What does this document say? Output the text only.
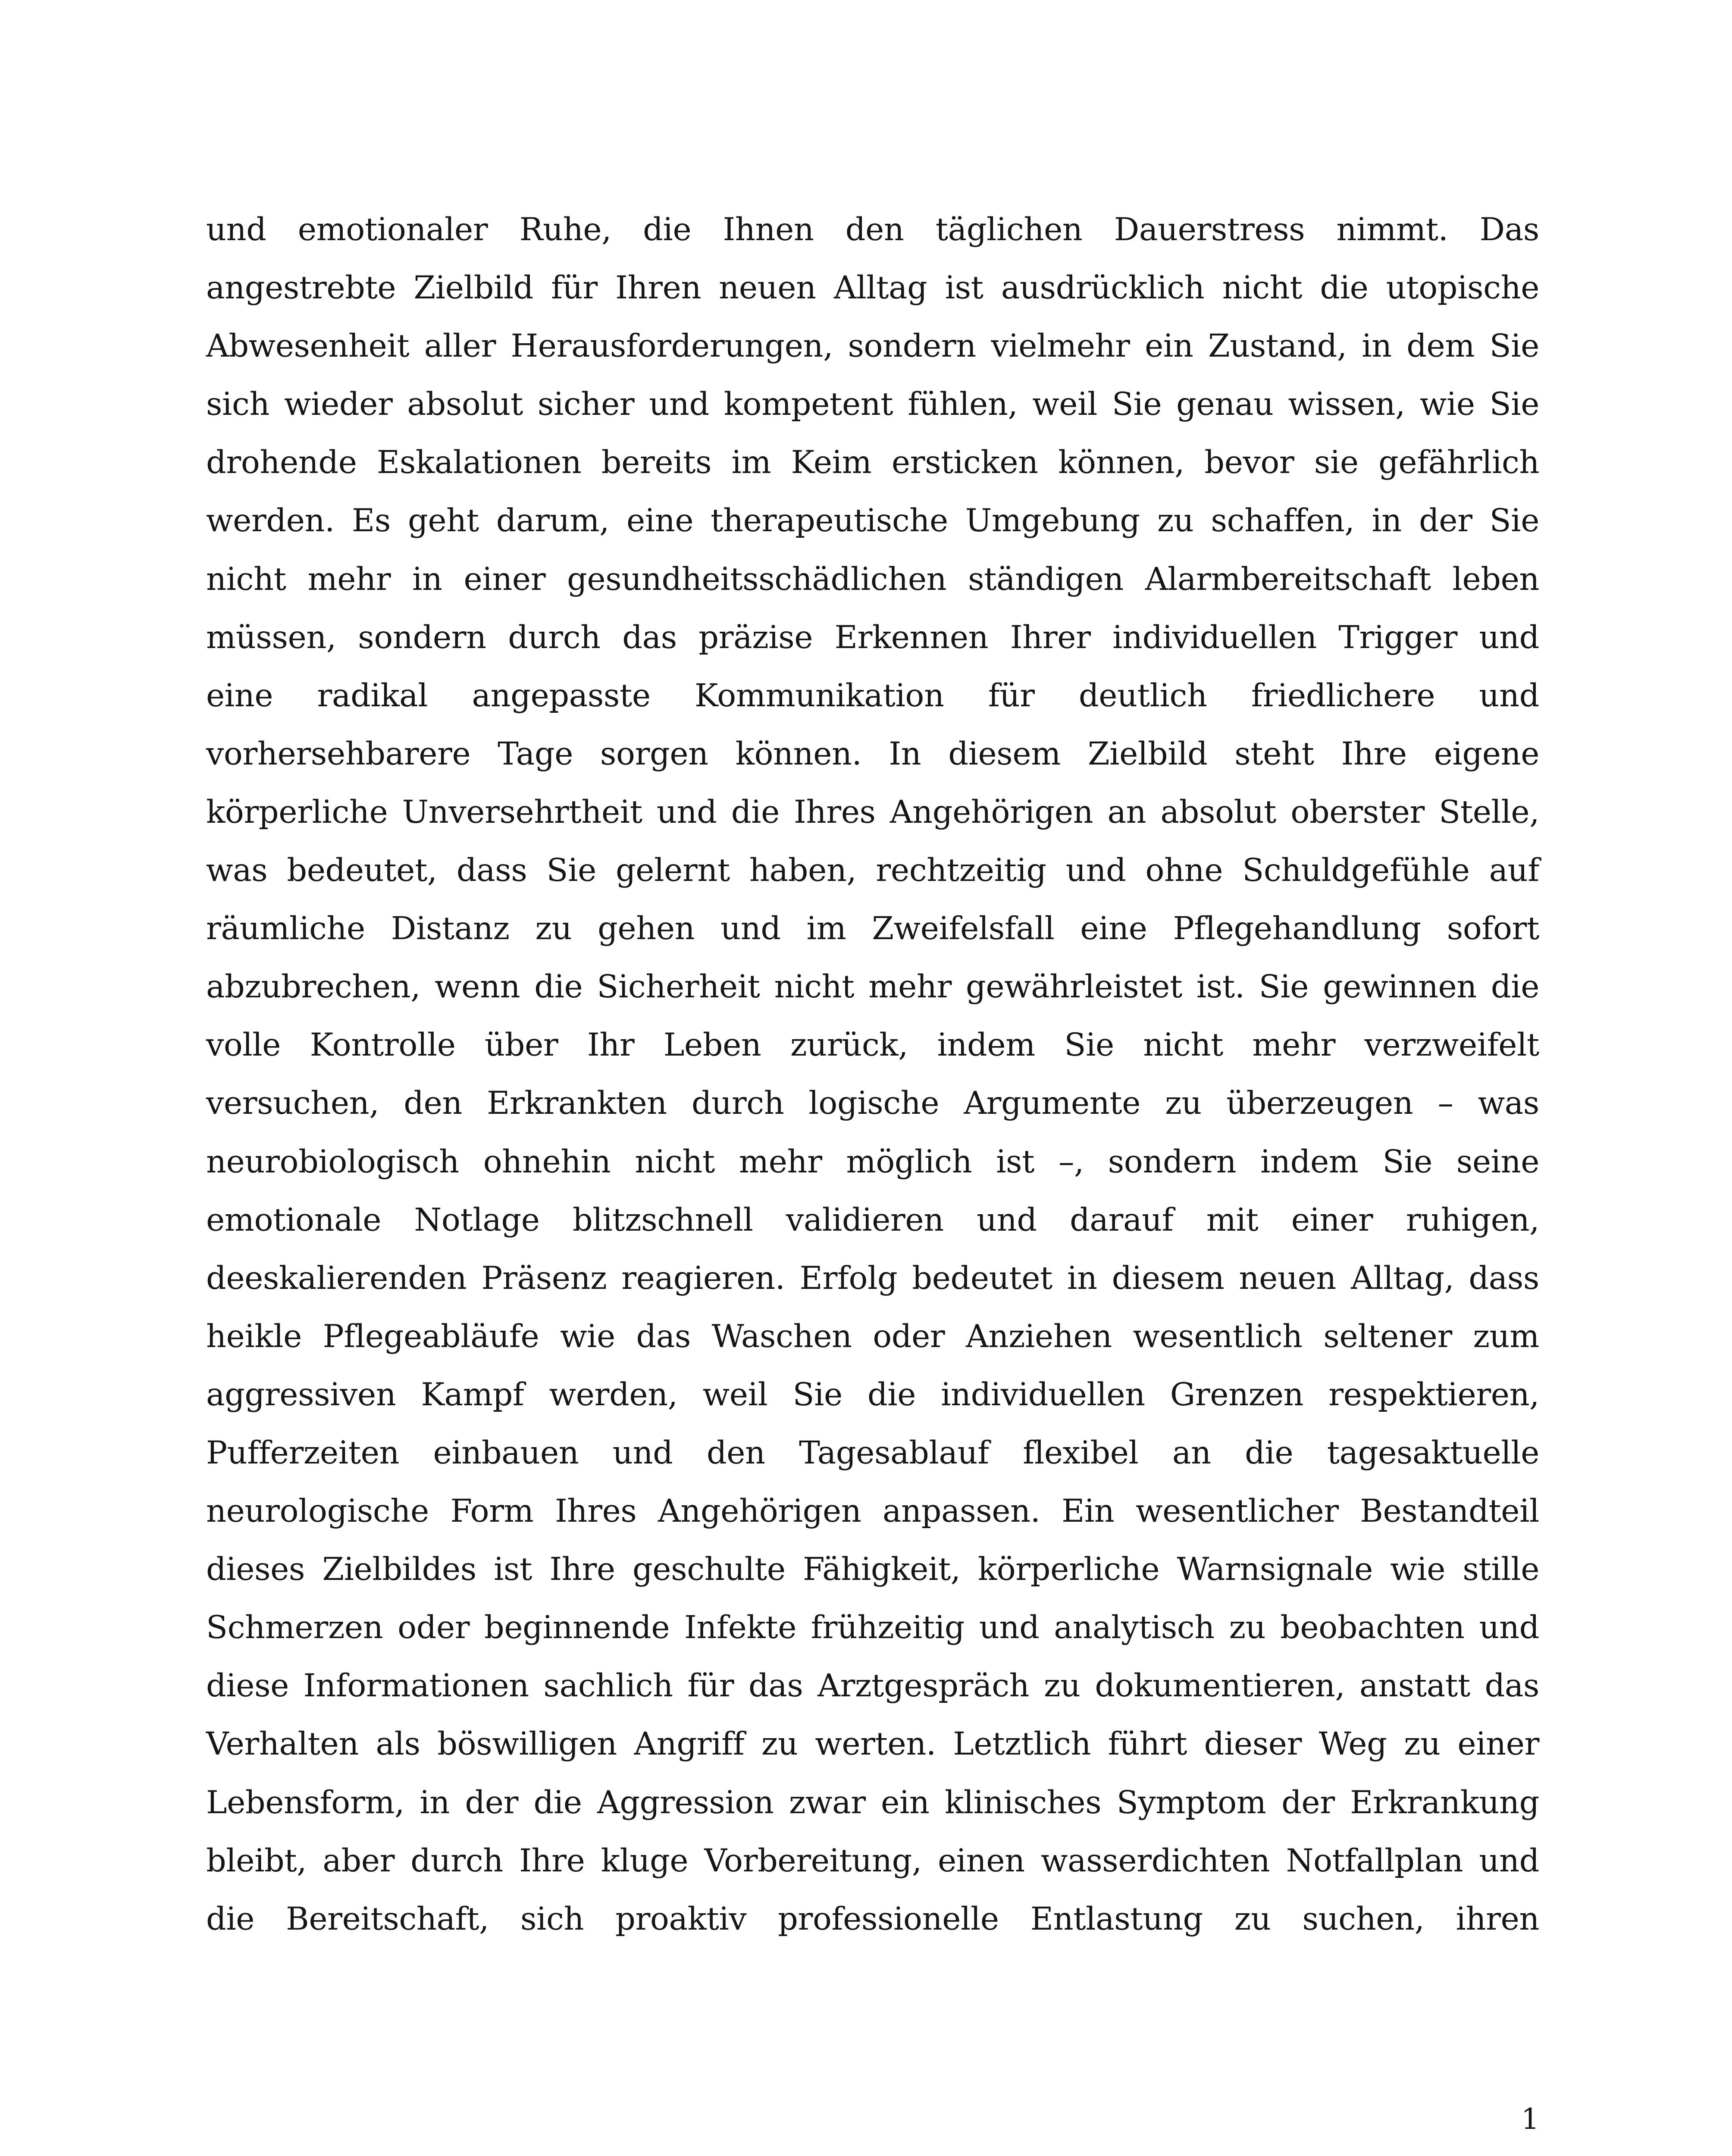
und emotionaler Ruhe, die Ihnen den täglichen Dauerstress nimmt. Das
angestrebte Zielbild für Ihren neuen Alltag ist ausdrücklich nicht die utopische
Abwesenheit aller Herausforderungen, sondern vielmehr ein Zustand, in dem Sie
sich wieder absolut sicher und kompetent fühlen, weil Sie genau wissen, wie Sie
drohende Eskalationen bereits im Keim ersticken können, bevor sie gefährlich
werden. Es geht darum, eine therapeutische Umgebung zu schaffen, in der Sie
nicht mehr in einer gesundheitsschädlichen ständigen Alarmbereitschaft leben
müssen, sondern durch das präzise Erkennen Ihrer individuellen Trigger und
eine radikal angepasste Kommunikation für deutlich friedlichere und
vorhersehbarere Tage sorgen können. In diesem Zielbild steht Ihre eigene
körperliche Unversehrtheit und die Ihres Angehörigen an absolut oberster Stelle,
was bedeutet, dass Sie gelernt haben, rechtzeitig und ohne Schuldgefühle auf
räumliche Distanz zu gehen und im Zweifelsfall eine Pflegehandlung sofort
abzubrechen, wenn die Sicherheit nicht mehr gewährleistet ist. Sie gewinnen die
volle Kontrolle über Ihr Leben zurück, indem Sie nicht mehr verzweifelt
versuchen, den Erkrankten durch logische Argumente zu überzeugen – was
neurobiologisch ohnehin nicht mehr möglich ist –, sondern indem Sie seine
emotionale Notlage blitzschnell validieren und darauf mit einer ruhigen,
deeskalierenden Präsenz reagieren. Erfolg bedeutet in diesem neuen Alltag, dass
heikle Pflegeabläufe wie das Waschen oder Anziehen wesentlich seltener zum
aggressiven Kampf werden, weil Sie die individuellen Grenzen respektieren,
Pufferzeiten einbauen und den Tagesablauf flexibel an die tagesaktuelle
neurologische Form Ihres Angehörigen anpassen. Ein wesentlicher Bestandteil
dieses Zielbildes ist Ihre geschulte Fähigkeit, körperliche Warnsignale wie stille
Schmerzen oder beginnende Infekte frühzeitig und analytisch zu beobachten und
diese Informationen sachlich für das Arztgespräch zu dokumentieren, anstatt das
Verhalten als böswilligen Angriff zu werten. Letztlich führt dieser Weg zu einer
Lebensform, in der die Aggression zwar ein klinisches Symptom der Erkrankung
bleibt, aber durch Ihre kluge Vorbereitung, einen wasserdichten Notfallplan und
die Bereitschaft, sich proaktiv professionelle Entlastung zu suchen, ihren
1
